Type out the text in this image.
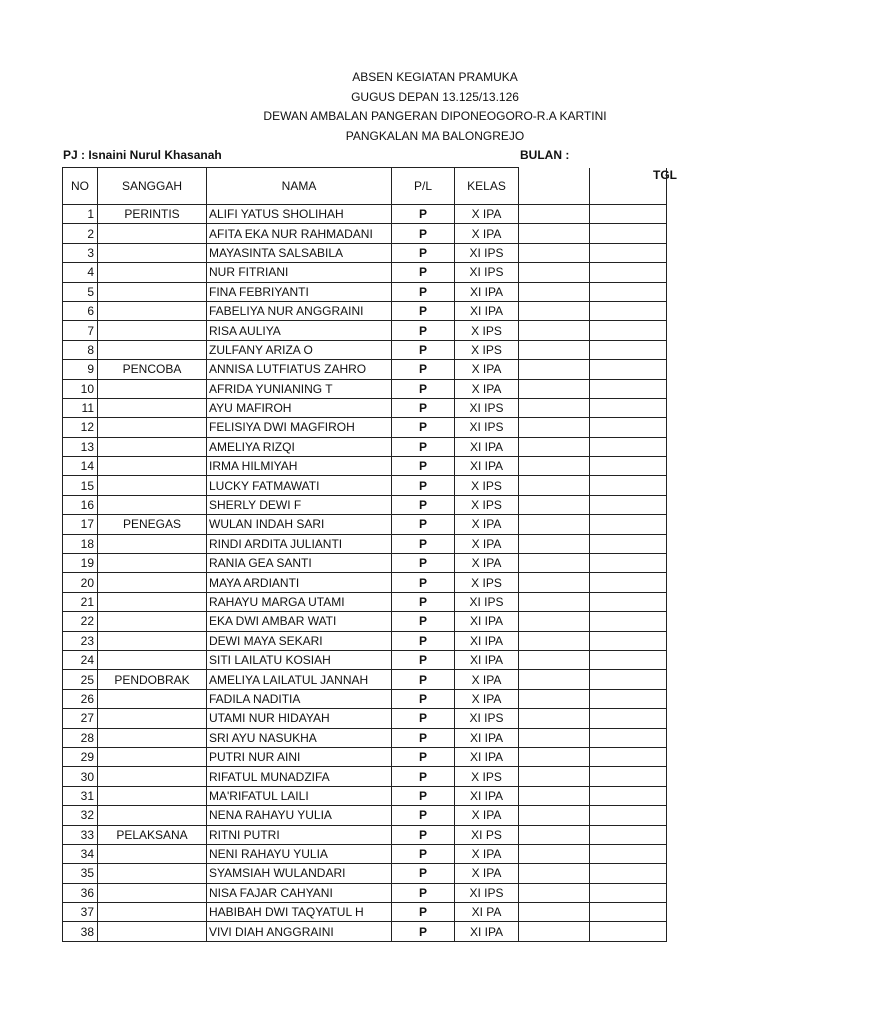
ABSEN KEGIATAN PRAMUKA
GUGUS DEPAN 13.125/13.126
DEWAN AMBALAN PANGERAN DIPONEOGORO-R.A KARTINI
PANGKALAN MA BALONGREJO
PJ : Isnaini Nurul Khasanah	BULAN :
TGL
NO	SANGGAH	NAMA	P/L	KELAS		
1	PERINTIS	ALIFI YATUS SHOLIHAH	P	X IPA		
2		AFITA EKA NUR RAHMADANI	P	X IPA		
3		MAYASINTA SALSABILA	P	XI IPS		
4		NUR FITRIANI	P	XI IPS		
5		FINA FEBRIYANTI	P	XI IPA		
6		FABELIYA NUR ANGGRAINI	P	XI IPA		
7		RISA AULIYA	P	X IPS		
8		ZULFANY ARIZA O	P	X IPS		
9	PENCOBA	ANNISA LUTFIATUS ZAHRO	P	X IPA		
10		AFRIDA YUNIANING T	P	X IPA		
11		AYU MAFIROH	P	XI IPS		
12		FELISIYA DWI MAGFIROH	P	XI IPS		
13		AMELIYA RIZQI	P	XI IPA		
14		IRMA HILMIYAH	P	XI IPA		
15		LUCKY FATMAWATI	P	X IPS		
16		SHERLY DEWI F	P	X IPS		
17	PENEGAS	WULAN INDAH SARI	P	X IPA		
18		RINDI ARDITA JULIANTI	P	X IPA		
19		RANIA GEA SANTI	P	X IPA		
20		MAYA ARDIANTI	P	X IPS		
21		RAHAYU MARGA UTAMI	P	XI IPS		
22		EKA DWI AMBAR WATI	P	XI IPA		
23		DEWI MAYA SEKARI	P	XI IPA		
24		SITI LAILATU KOSIAH	P	XI IPA		
25	PENDOBRAK	AMELIYA LAILATUL JANNAH	P	X IPA		
26		FADILA NADITIA	P	X IPA		
27		UTAMI NUR HIDAYAH	P	XI IPS		
28		SRI AYU NASUKHA	P	XI IPA		
29		PUTRI NUR AINI	P	XI IPA		
30		RIFATUL MUNADZIFA	P	X IPS		
31		MA'RIFATUL LAILI	P	XI IPA		
32		NENA RAHAYU YULIA	P	X IPA		
33	PELAKSANA	RITNI PUTRI	P	XI PS		
34		NENI RAHAYU YULIA	P	X IPA		
35		SYAMSIAH WULANDARI	P	X IPA		
36		NISA FAJAR CAHYANI	P	XI IPS		
37		HABIBAH DWI TAQYATUL H	P	XI PA		
38		VIVI DIAH ANGGRAINI	P	XI IPA		
